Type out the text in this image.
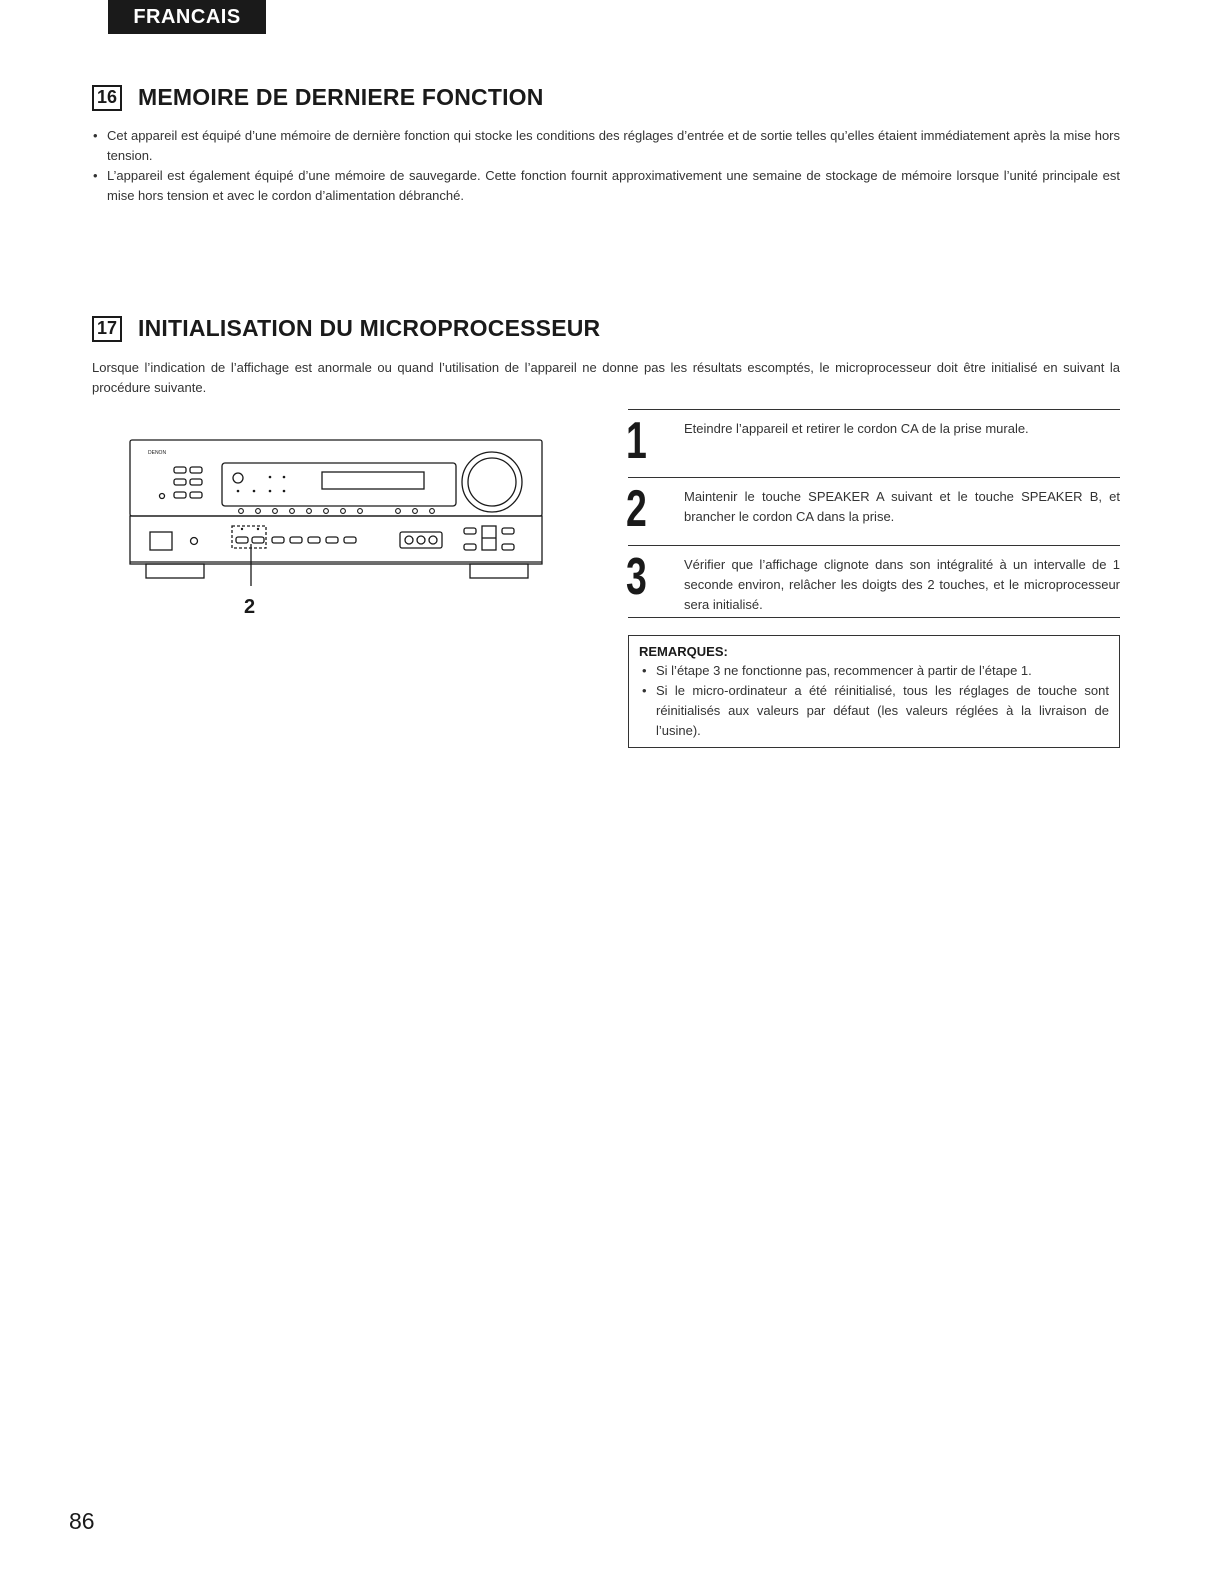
FRANCAIS
16 MEMOIRE DE DERNIERE FONCTION
• Cet appareil est équipé d’une mémoire de dernière fonction qui stocke les conditions des réglages d’entrée et de sortie telles qu’elles étaient immédiatement après la mise hors tension.
• L’appareil est également équipé d’une mémoire de sauvegarde. Cette fonction fournit approximativement une semaine de stockage de mémoire lorsque l’unité principale est mise hors tension et avec le cordon d’alimentation débranché.
17 INITIALISATION DU MICROPROCESSEUR

Lorsque l’indication de l’affichage est anormale ou quand l’utilisation de l’appareil ne donne pas les résultats escomptés, le microprocesseur doit être initialisé en suivant la procédure suivante.

DENON
2
1	Eteindre l’appareil et retirer le cordon CA de la prise murale.

2	Maintenir le touche SPEAKER A suivant et le touche SPEAKER B, et brancher le cordon CA dans la prise.

3	Vérifier que l’affichage clignote dans son intégralité à un intervalle de 1 seconde environ, relâcher les doigts des 2 touches, et le microprocesseur sera initialisé.

REMARQUES:

• Si l’étape 3 ne fonctionne pas, recommencer à partir de l’étape 1.
• Si le micro-ordinateur a été réinitialisé, tous les réglages de touche sont réinitialisés aux valeurs par défaut (les valeurs réglées à la livraison de l’usine).
86
